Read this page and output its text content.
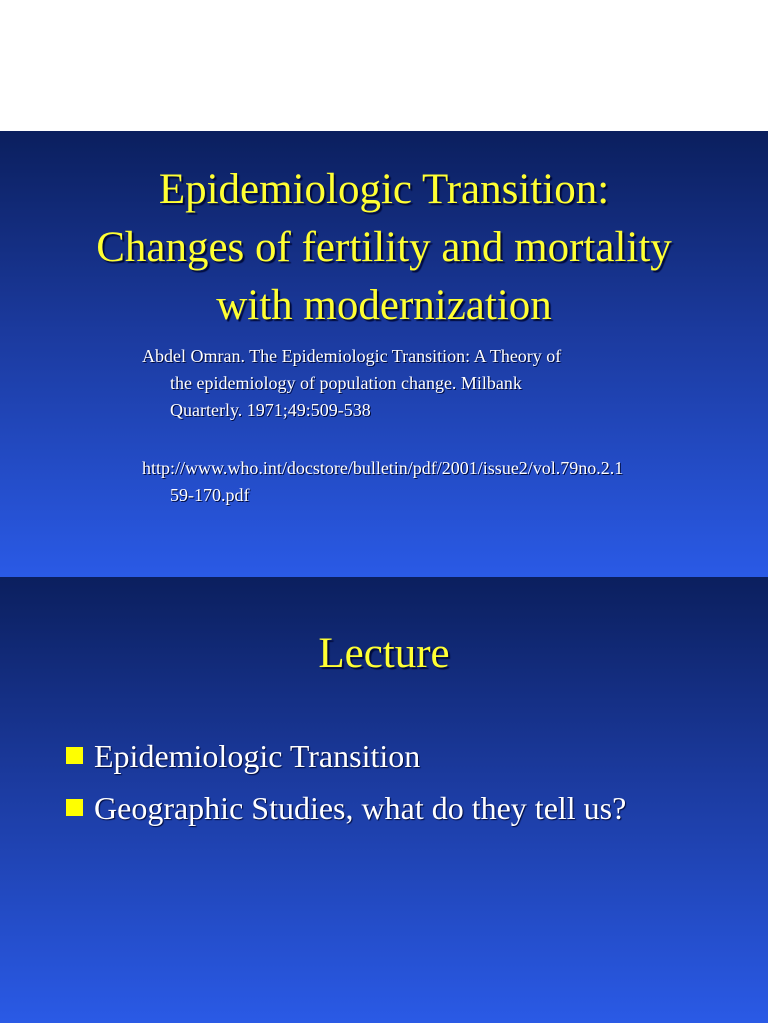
Epidemiologic Transition:
Changes of fertility and mortality
with modernization
Abdel Omran. The Epidemiologic Transition: A Theory of
the epidemiology of population change. Milbank
Quarterly. 1971;49:509-538
http://www.who.int/docstore/bulletin/pdf/2001/issue2/vol.79no.2.1
59-170.pdf
Lecture
Epidemiologic Transition
Geographic Studies, what do they tell us?
